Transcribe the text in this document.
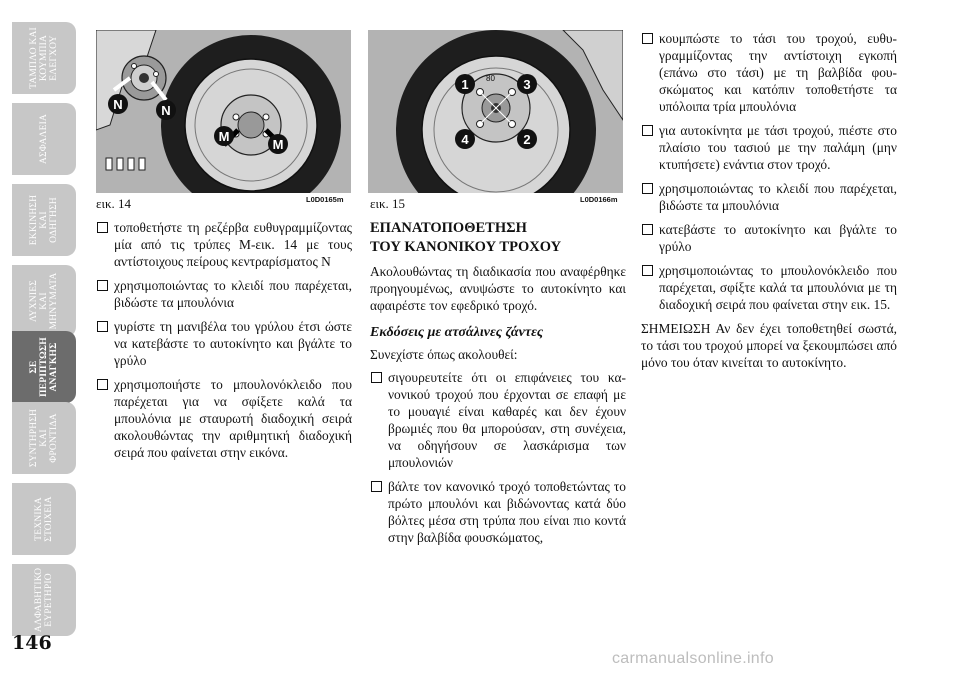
ΤΑΜΠΛΟ ΚΑΙ
ΚΟΥΜΠΙΑ
ΕΛΕΓΧΟΥ
ΑΣΦΑΛΕΙΑ
ΕΚΚΙΝΗΣΗ
ΚΑΙ
ΟΔΗΓΗΣΗ
ΛΥΧΝΙΕΣ
ΚΑΙ
ΜΗΝΥΜΑΤΑ
ΣΕ
ΠΕΡΙΠΤΩΣΗ
ΑΝΑΓΚΗΣ
ΣΥΝΤΗΡΗΣΗ
ΚΑΙ
ΦΡΟΝΤΙΔΑ
ΤΕΧΝΙΚΑ
ΣΤΟΙΧΕΙΑ
ΑΛΦΑΒΗΤΙΚΟ
ΕΥΡΕΤΗΡΙΟ
146
N	N
M
M
εικ. 14	L0D0165m
80
1
2
3
4
εικ. 15	L0D0166m

τοποθετήστε τη ρεζέρβα ευθυγραμμίζοντας μία από τις τρύπες Μ-εικ. 14 με τους αντίστοιχους πείρους κεντραρίσματος Ν

χρησιμοποιώντας το κλειδί που παρέχεται, βιδώστε τα μπουλόνια

γυρίστε τη μανιβέλα του γρύλου έτσι ώστε να κατεβάστε το αυτοκίνητο και βγάλτε το γρύλο

χρησιμοποιήστε το μπουλονόκλειδο που παρέχεται για να σφίξετε καλά τα μπουλόνια με σταυρωτή διαδοχική σειρά ακολουθώντας την αριθμητική διαδοχική σειρά που φαίνεται στην εικόνα.

ΕΠΑΝΑΤΟΠΟΘΕΤΗΣΗ
ΤΟΥ ΚΑΝΟΝΙΚΟΥ ΤΡΟΧΟΥ

Ακολουθώντας τη διαδικασία που αναφέρθηκε προηγουμένως, ανυψώστε το αυτοκίνητο και αφαιρέστε τον εφεδρικό τροχό.

Εκδόσεις με ατσάλινες ζάντες

Συνεχίστε όπως ακολουθεί:

σιγουρευτείτε ότι οι επιφάνειες του κανονικού τροχού που έρχονται σε επαφή με το μουαγιέ είναι καθαρές και δεν έχουν βρωμιές που θα μπορούσαν, στη συνέχεια, να οδηγήσουν σε λασκάρισμα των μπουλονιών

βάλτε τον κανονικό τροχό τοποθετώντας το πρώτο μπουλόνι και βιδώνοντας κατά δύο βόλτες μέσα στη τρύπα που είναι πιο κοντά στην βαλβίδα φουσκώματος,

κουμπώστε το τάσι του τροχού, ευθυγραμμίζοντας την αντίστοιχη εγκοπή (επάνω στο τάσι) με τη βαλβίδα φουσκώματος και κατόπιν τοποθετήστε τα υπόλοιπα τρία μπουλόνια

για αυτοκίνητα με τάσι τροχού, πιέστε στο πλαίσιο του τασιού με την παλάμη (μην κτυπήσετε) ενάντια στον τροχό.

χρησιμοποιώντας το κλειδί που παρέχεται, βιδώστε τα μπουλόνια

κατεβάστε το αυτοκίνητο και βγάλτε το γρύλο

χρησιμοποιώντας το μπουλονόκλειδο που παρέχεται, σφίξτε καλά τα μπουλόνια με τη διαδοχική σειρά που φαίνεται στην εικ. 15.

ΣΗΜΕΙΩΣΗ Αν δεν έχει τοποθετηθεί σωστά, το τάσι του τροχού μπορεί να ξεκουμπώσει από μόνο του όταν κινείται το αυτοκίνητο.

carmanualsonline.info
